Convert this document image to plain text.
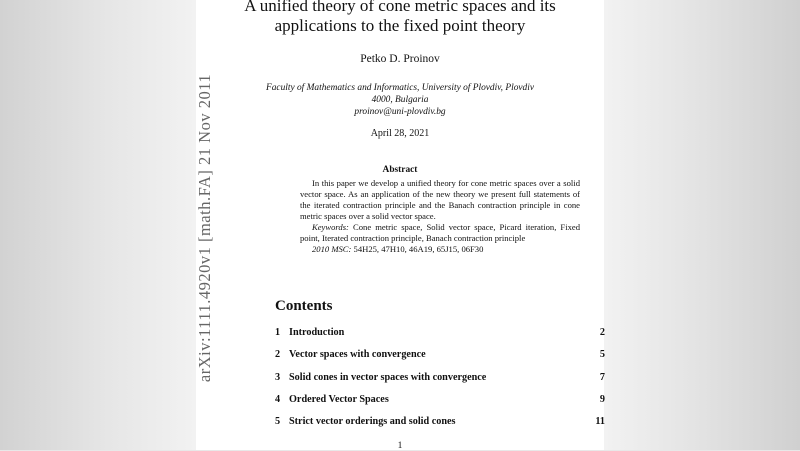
A unified theory of cone metric spaces and its
applications to the fixed point theory
Petko D. Proinov
Faculty of Mathematics and Informatics, University of Plovdiv, Plovdiv
4000, Bulgaria
proinov@uni-plovdiv.bg
April 28, 2021
Abstract

In this paper we develop a unified theory for cone metric spaces over a solid vector space. As an application of the new theory we present full statements of the iterated contraction principle and the Banach contraction principle in cone metric spaces over a solid vector space.

Keywords: Cone metric space, Solid vector space, Picard iteration, Fixed point, Iterated contraction principle, Banach contraction principle

2010 MSC: 54H25, 47H10, 46A19, 65J15, 06F30

Contents
1 Introduction	2
2 Vector spaces with convergence	5
3 Solid cones in vector spaces with convergence	7
4 Ordered Vector Spaces	9
5 Strict vector orderings and solid cones	11
1
arXiv:1111.4920v1 [math.FA] 21 Nov 2011
